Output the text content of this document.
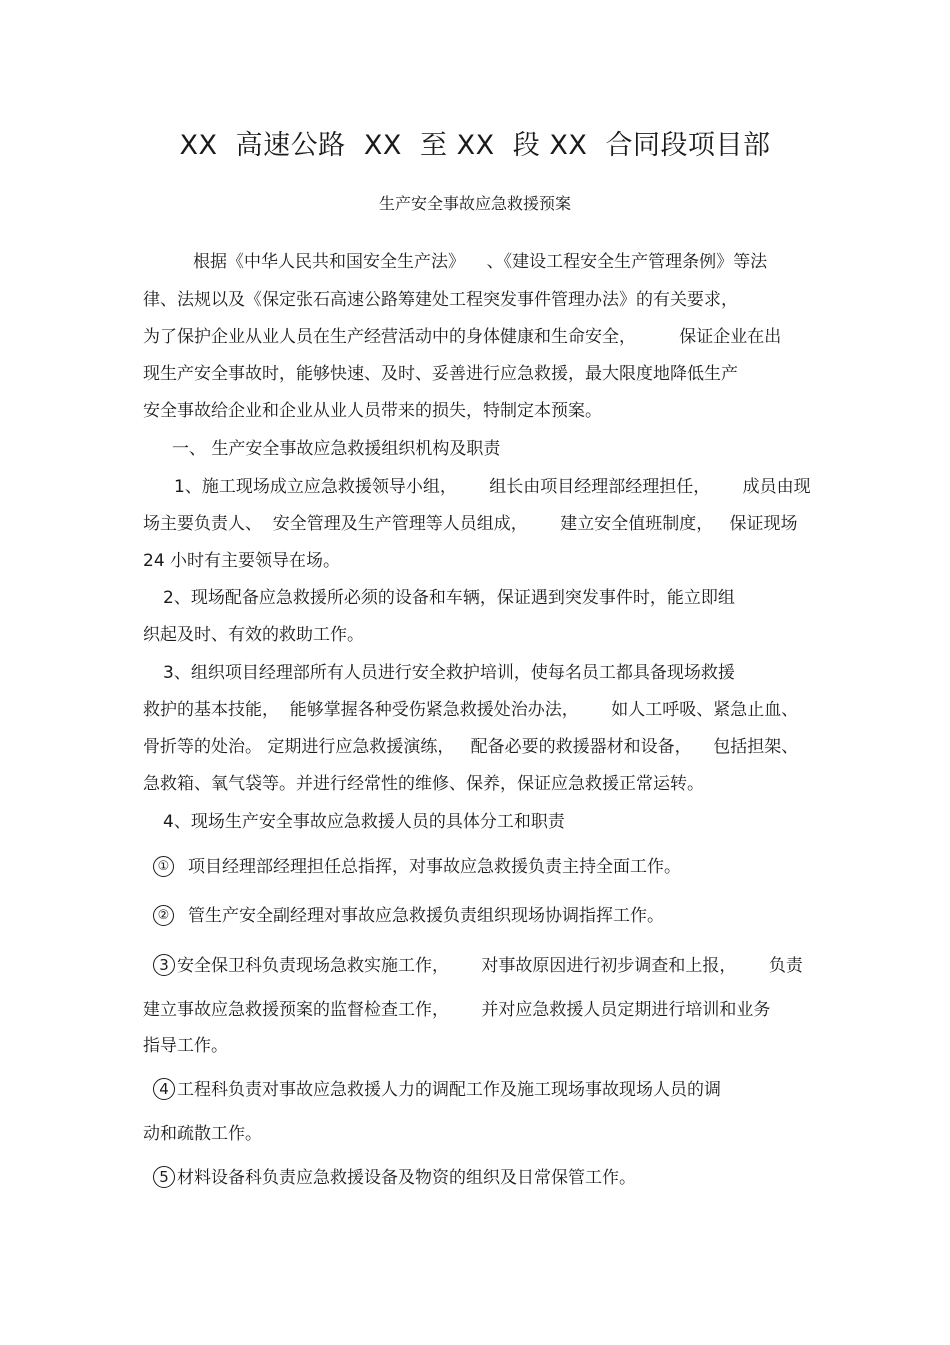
XX  高速公路  XX  至 XX  段 XX  合同段项目部
生产安全事故应急救援预案
根据《中华人民共和国安全生产法》    、《建设工程安全生产管理条例》等法
律、法规以及《保定张石高速公路筹建处工程突发事件管理办法》的有关要求，
为了保护企业从业人员在生产经营活动中的身体健康和生命安全，        保证企业在出
现生产安全事故时，能够快速、及时、妥善进行应急救援，最大限度地降低生产
安全事故给企业和企业从业人员带来的损失，特制定本预案。
一、 生产安全事故应急救援组织机构及职责
1、施工现场成立应急救援领导小组，      组长由项目经理部经理担任，      成员由现
场主要负责人、  安全管理及生产管理等人员组成，      建立安全值班制度，   保证现场
24 小时有主要领导在场。
2、现场配备应急救援所必须的设备和车辆，保证遇到突发事件时，能立即组
织起及时、有效的救助工作。
3、组织项目经理部所有人员进行安全救护培训，使每名员工都具备现场救援
救护的基本技能，  能够掌握各种受伤紧急救援处治办法，      如人工呼吸、紧急止血、
骨折等的处治。 定期进行应急救援演练，   配备必要的救援器材和设备，    包括担架、
急救箱、氧气袋等。并进行经常性的维修、保养，保证应急救援正常运转。
4、现场生产安全事故应急救援人员的具体分工和职责
① 项目经理部经理担任总指挥，对事故应急救援负责主持全面工作。
② 管生产安全副经理对事故应急救援负责组织现场协调指挥工作。
3 安全保卫科负责现场急救实施工作，      对事故原因进行初步调查和上报，      负责
建立事故应急救援预案的监督检查工作，      并对应急救援人员定期进行培训和业务
指导工作。
4 工程科负责对事故应急救援人力的调配工作及施工现场事故现场人员的调
动和疏散工作。
5 材料设备科负责应急救援设备及物资的组织及日常保管工作。
